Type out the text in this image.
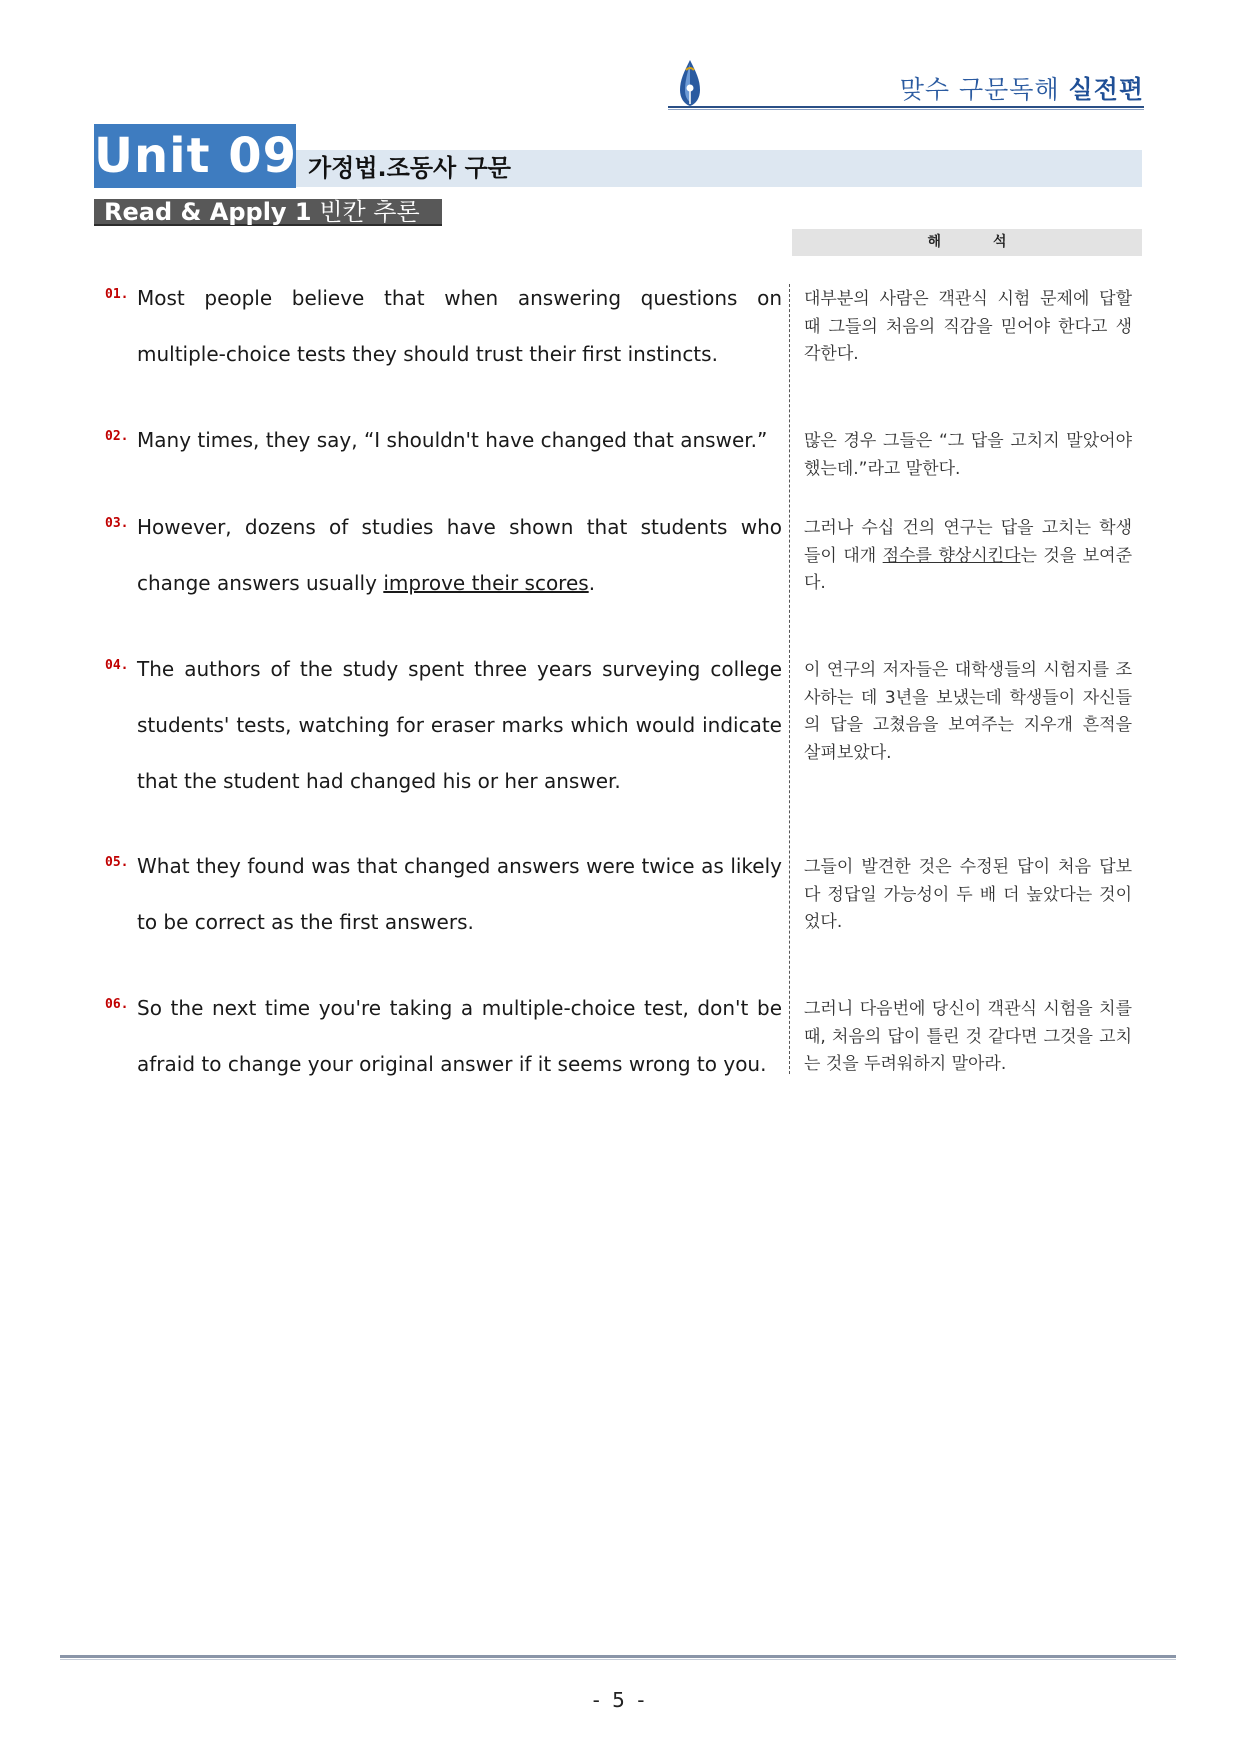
맞수 구문독해 실전편
Unit 09 가정법.조동사 구문
Read & Apply 1 빈칸 추론
해석
01. Most people believe that when answering questions on multiple-choice tests they should trust their first instincts.
대부분의 사람은 객관식 시험 문제에 답할 때 그들의 처음의 직감을 믿어야 한다고 생각한다.
02. Many times, they say, “I shouldn't have changed that answer.”	많은 경우 그들은 “그 답을 고치지 말았어야 했는데.”라고 말한다.
03. However, dozens of studies have shown that students who change answers usually improve their scores.
그러나 수십 건의 연구는 답을 고치는 학생들이 대개 점수를 향상시킨다는 것을 보여준다.
04. The authors of the study spent three years surveying college students' tests, watching for eraser marks which would indicate that the student had changed his or her answer.
이 연구의 저자들은 대학생들의 시험지를 조사하는 데 3년을 보냈는데 학생들이 자신들의 답을 고쳤음을 보여주는 지우개 흔적을 살펴보았다.
05. What they found was that changed answers were twice as likely to be correct as the first answers.
그들이 발견한 것은 수정된 답이 처음 답보다 정답일 가능성이 두 배 더 높았다는 것이었다.
06. So the next time you're taking a multiple-choice test, don't be afraid to change your original answer if it seems wrong to you.
그러니 다음번에 당신이 객관식 시험을 치를 때, 처음의 답이 틀린 것 같다면 그것을 고치는 것을 두려워하지 말아라.
- 5 -
